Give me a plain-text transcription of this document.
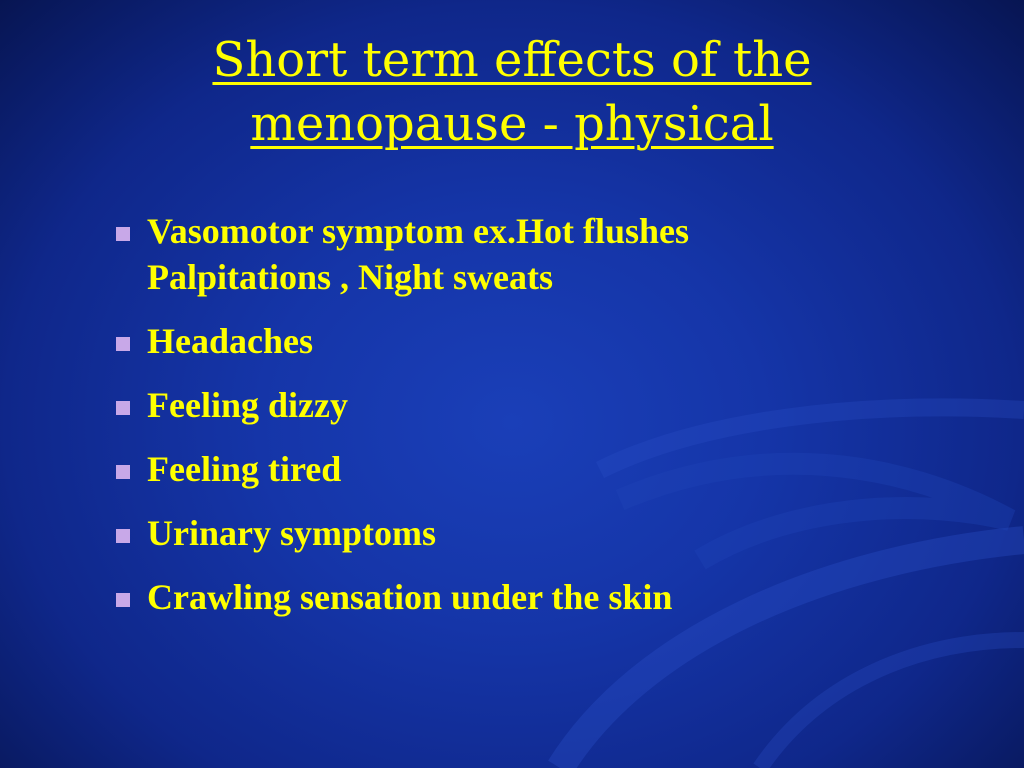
Short term effects of the
menopause - physical
Vasomotor symptom ex.Hot flushes
Palpitations , Night sweats
Headaches
Feeling dizzy
Feeling tired
Urinary symptoms
Crawling sensation under the skin
